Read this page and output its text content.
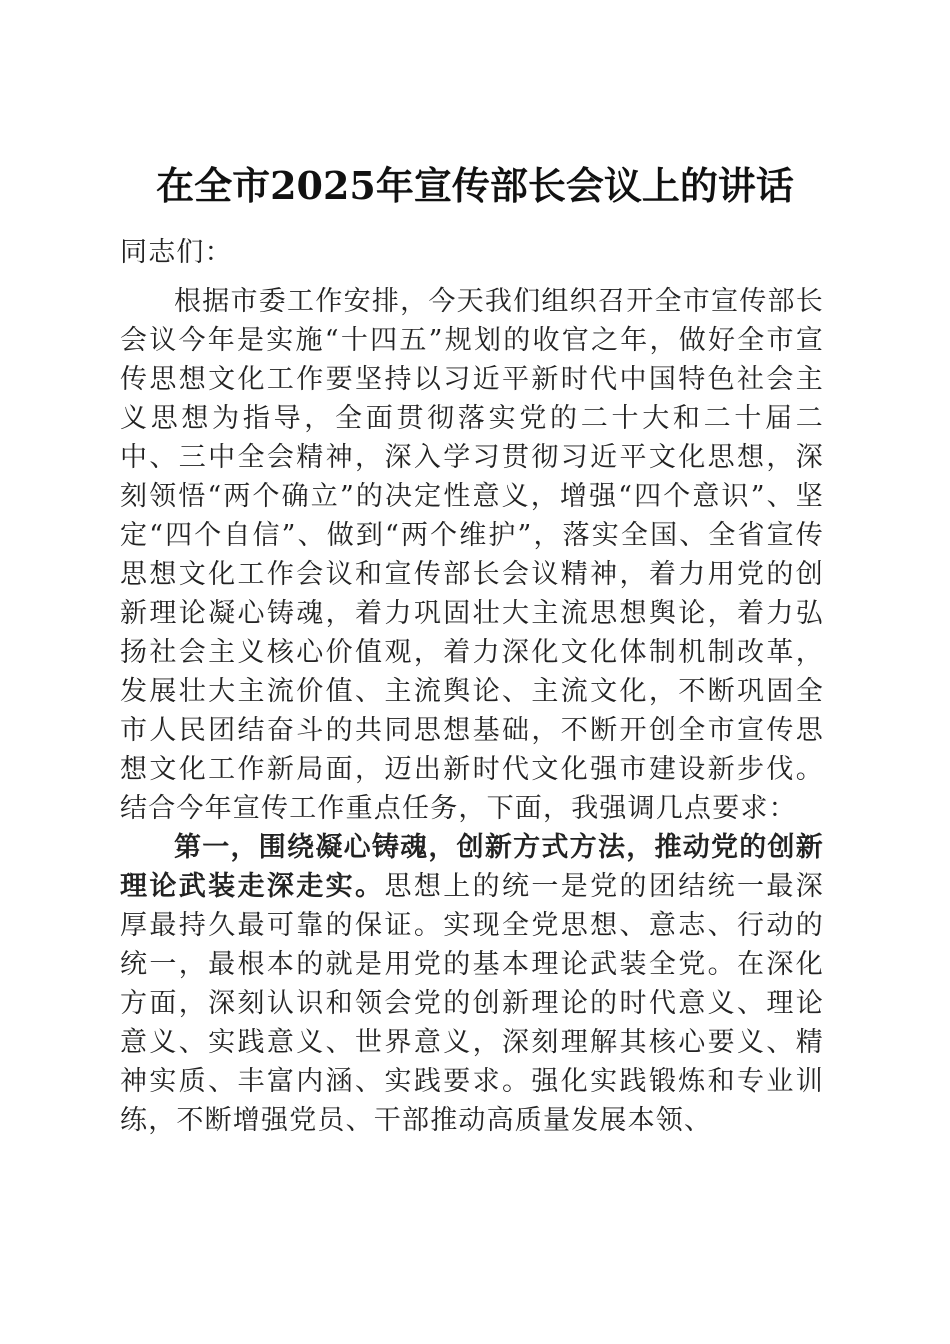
在全市2025年宣传部长会议上的讲话

同志们：

根据市委工作安排，今天我们组织召开全市宣传部长会议今年是实施“十四五”规划的收官之年，做好全市宣传思想文化工作要坚持以习近平新时代中国特色社会主义思想为指导，全面贯彻落实党的二十大和二十届二中、三中全会精神，深入学习贯彻习近平文化思想，深刻领悟“两个确立”的决定性意义，增强“四个意识”、坚定“四个自信”、做到“两个维护”，落实全国、全省宣传思想文化工作会议和宣传部长会议精神，着力用党的创新理论凝心铸魂，着力巩固壮大主流思想舆论，着力弘扬社会主义核心价值观，着力深化文化体制机制改革，发展壮大主流价值、主流舆论、主流文化，不断巩固全市人民团结奋斗的共同思想基础，不断开创全市宣传思想文化工作新局面，迈出新时代文化强市建设新步伐。结合今年宣传工作重点任务，下面，我强调几点要求：

第一，围绕凝心铸魂，创新方式方法，推动党的创新理论武装走深走实。思想上的统一是党的团结统一最深厚最持久最可靠的保证。实现全党思想、意志、行动的统一，最根本的就是用党的基本理论武装全党。在深化方面，深刻认识和领会党的创新理论的时代意义、理论意义、实践意义、世界意义，深刻理解其核心要义、精神实质、丰富内涵、实践要求。强化实践锻炼和专业训练，不断增强党员、干部推动高质量发展本领、
